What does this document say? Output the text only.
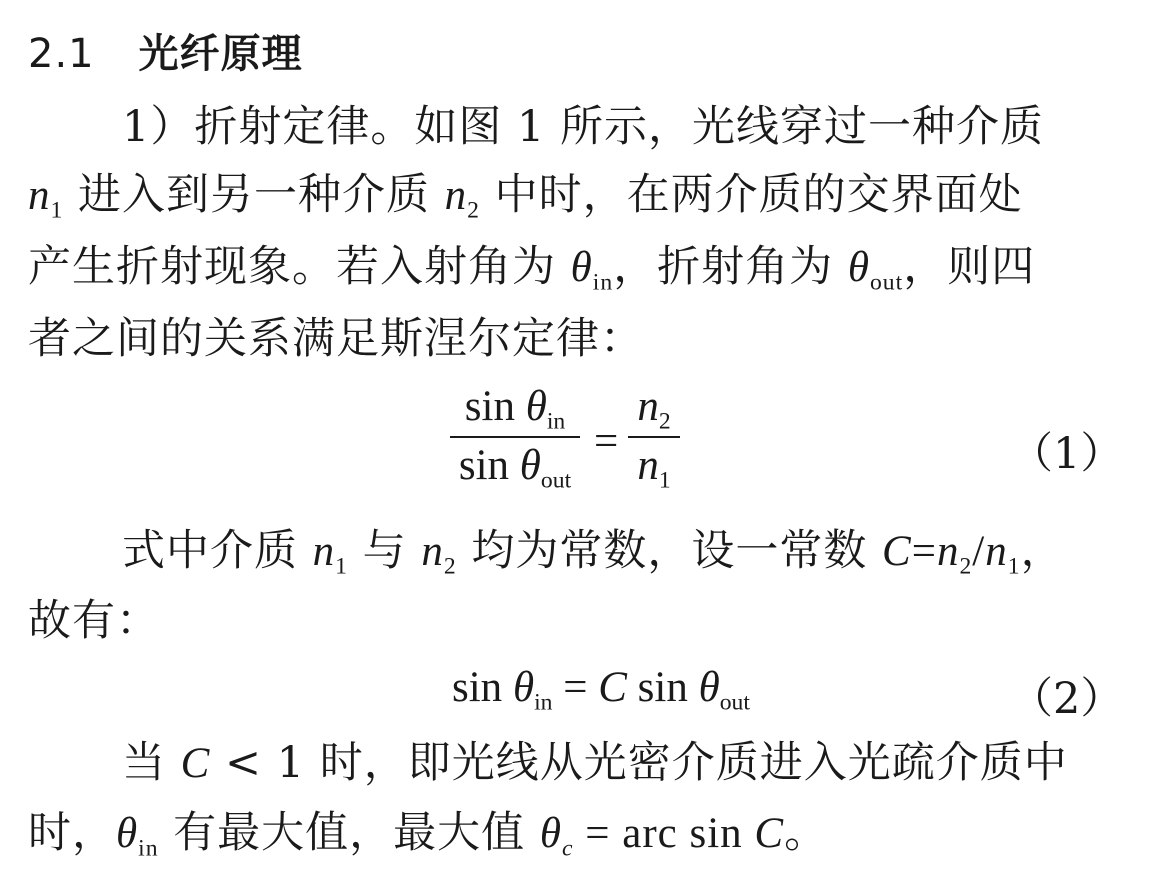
2.1 光纤原理
1）折射定律。如图 1 所示，光线穿过一种介质
$n_1$ 进入到另一种介质 $n_2$ 中时，在两介质的交界面处
产生折射现象。若入射角为 $\theta_{in}$，折射角为 $\theta_{out}$，则四
者之间的关系满足斯涅尔定律：
$\sin \theta_{in}$
$\sin \theta_{out}$
=
$n_2$
$n_1$
（1）
式中介质 $n_1$ 与 $n_2$ 均为常数，设一常数 $C=n_2/n_1$，
故有：
$\sin \theta_{in} = C$ $\sin \theta_{out}$	（2）
当 C < 1 时，即光线从光密介质进入光疏介质中
时，$\theta_{in}$ 有最大值，最大值 $\theta_c$ = arc sin C。
